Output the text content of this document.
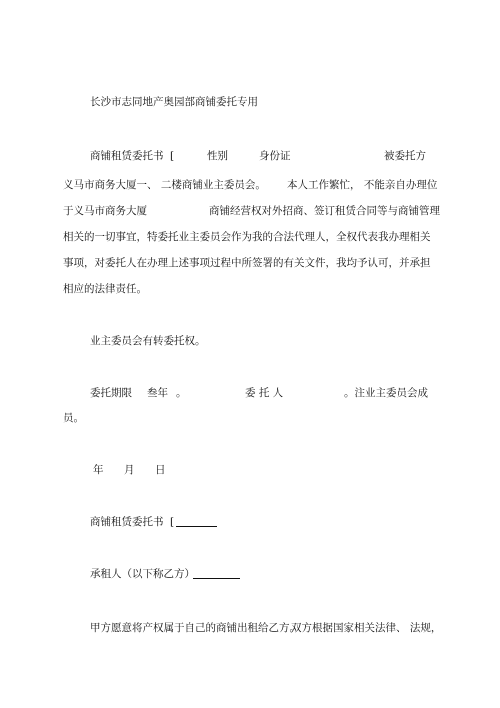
长沙市志同地产奥园部商铺委托专用
商铺租赁委托书 [	性别	身份证	被委托方
义马市商务大厦一、 二楼商铺业主委员会。 本人工作繁忙， 不能亲自办理位
于义马市商务大厦	商铺经营权对外招商、签订租赁合同等与商铺管理
相关的一切事宜，特委托业主委员会作为我的合法代理人，全权代表我办理相关
事项，对委托人在办理上述事项过程中所签署的有关文件，我均予认可，并承担
相应的法律责任。
业主委员会有转委托权。
委托期限 叁年 。	委 托 人	。注业主委员会成
员。
年 月 日
商铺租赁委托书 [
承租人（以下称乙方）
甲方愿意将产权属于自己的商铺出租给乙方。
双方根据国家相关法律、 法规，
